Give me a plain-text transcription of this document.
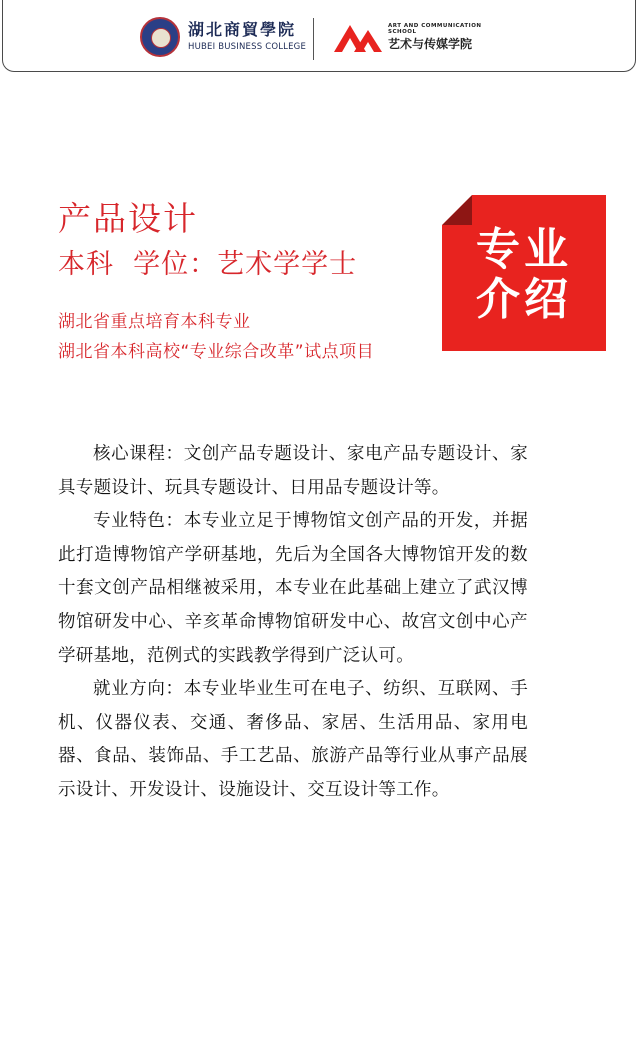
湖北商貿學院
HUBEI BUSINESS COLLEGE
ART AND COMMUNICATION SCHOOL
艺术与传媒学院
产品设计
本科  学位：艺术学学士
湖北省重点培育本科专业
湖北省本科高校“专业综合改革”试点项目
专业
介绍

核心课程：文创产品专题设计、家电产品专题设计、家具专题设计、玩具专题设计、日用品专题设计等。

专业特色：本专业立足于博物馆文创产品的开发，并据此打造博物馆产学研基地，先后为全国各大博物馆开发的数十套文创产品相继被采用，本专业在此基础上建立了武汉博物馆研发中心、辛亥革命博物馆研发中心、故宫文创中心产学研基地，范例式的实践教学得到广泛认可。

就业方向：本专业毕业生可在电子、纺织、互联网、手机、仪器仪表、交通、奢侈品、家居、生活用品、家用电器、食品、装饰品、手工艺品、旅游产品等行业从事产品展示设计、开发设计、设施设计、交互设计等工作。
